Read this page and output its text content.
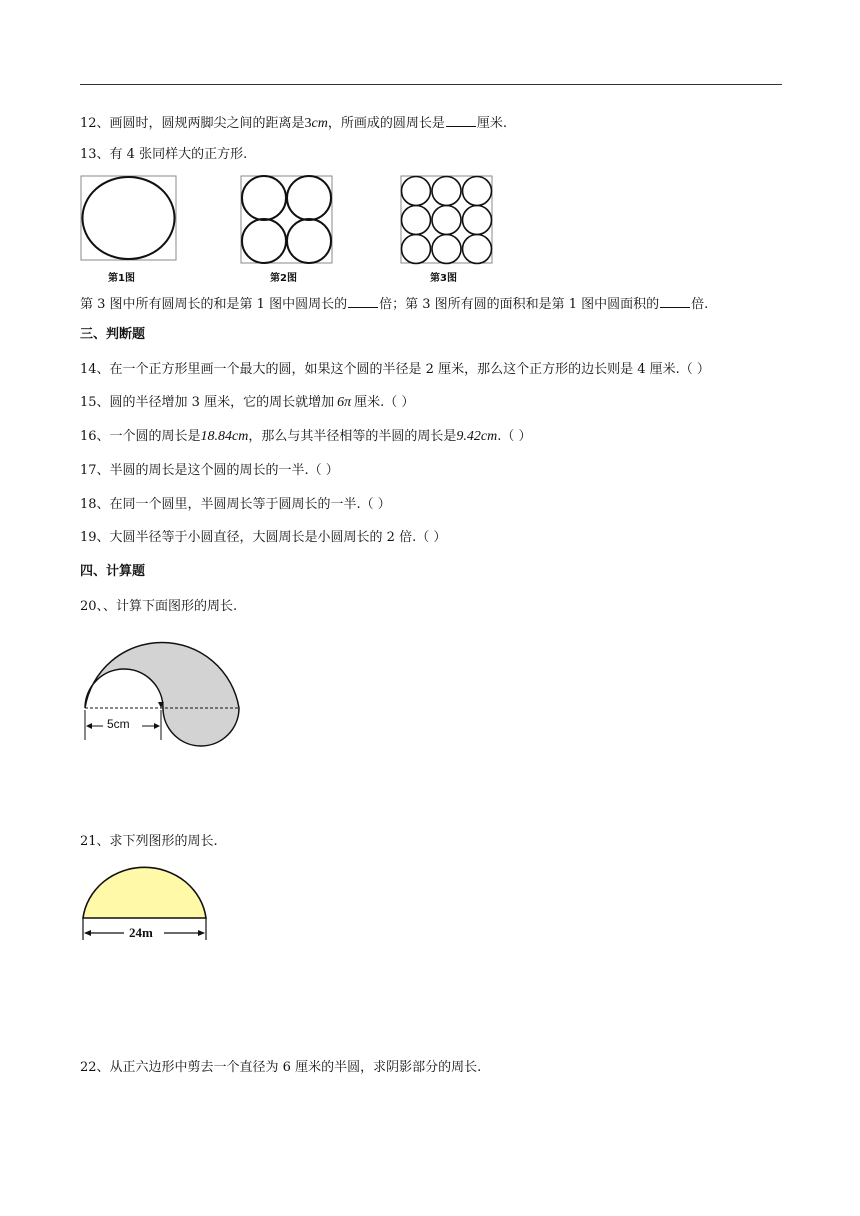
12、画圆时，圆规两脚尖之间的距离是3cm，所画成的圆周长是 厘米.
13、有 4 张同样大的正方形.
第1图	第2图	第3图
第 3 图中所有圆周长的和是第 1 图中圆周长的 倍；第 3 图所有圆的面积和是第 1 图中圆面积的 倍.
三、判断题
14、在一个正方形里画一个最大的圆，如果这个圆的半径是 2 厘米，那么这个正方形的边长则是 4 厘米.（ ）
15、圆的半径增加 3 厘米，它的周长就增加 6π 厘米.（ ）
16、一个圆的周长是18.84cm，那么与其半径相等的半圆的周长是9.42cm.（ ）
17、半圆的周长是这个圆的周长的一半.（ ）
18、在同一个圆里，半圆周长等于圆周长的一半.（ ）
19、大圆半径等于小圆直径，大圆周长是小圆周长的 2 倍.（ ）
四、计算题
20、、计算下面图形的周长.
5cm
21、求下列图形的周长.
24m
22、从正六边形中剪去一个直径为 6 厘米的半圆，求阴影部分的周长.
